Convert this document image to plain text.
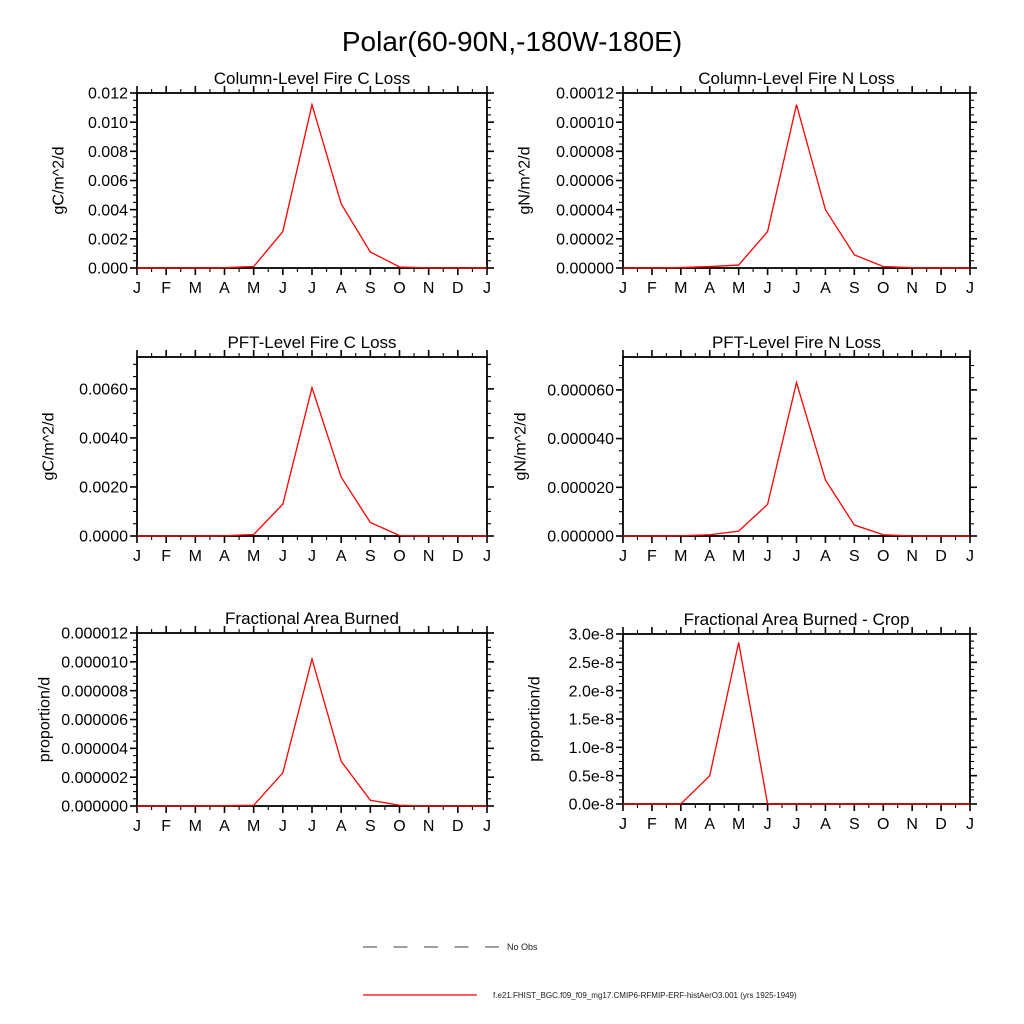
Polar(60-90N,-180W-180E)
J F M A M J J A S O N D J
0.000
0.002
0.004
0.006
0.008
0.010
0.012
Column-Level Fire C Loss
gC/m^2/d
J F M A M J J A S O N D J
0.00000
0.00002
0.00004
0.00006
0.00008
0.00010
0.00012
Column-Level Fire N Loss
gN/m^2/d
J F M A M J J A S O N D J
0.0000
0.0020
0.0040
0.0060
PFT-Level Fire C Loss
gC/m^2/d
J F M A M J J A S O N D J
0.000000
0.000020
0.000040
0.000060
PFT-Level Fire N Loss
gN/m^2/d
J F M A M J J A S O N D J
0.000000
0.000002
0.000004
0.000006
0.000008
0.000010
0.000012
Fractional Area Burned
proportion/d
J F M A M J J A S O N D J
0.0e-8
0.5e-8
1.0e-8
1.5e-8
2.0e-8
2.5e-8
3.0e-8
Fractional Area Burned - Crop
proportion/d
No Obs
f.e21.FHIST_BGC.f09_f09_mg17.CMIP6-RFMIP-ERF-histAerO3.001 (yrs 1925-1949)
